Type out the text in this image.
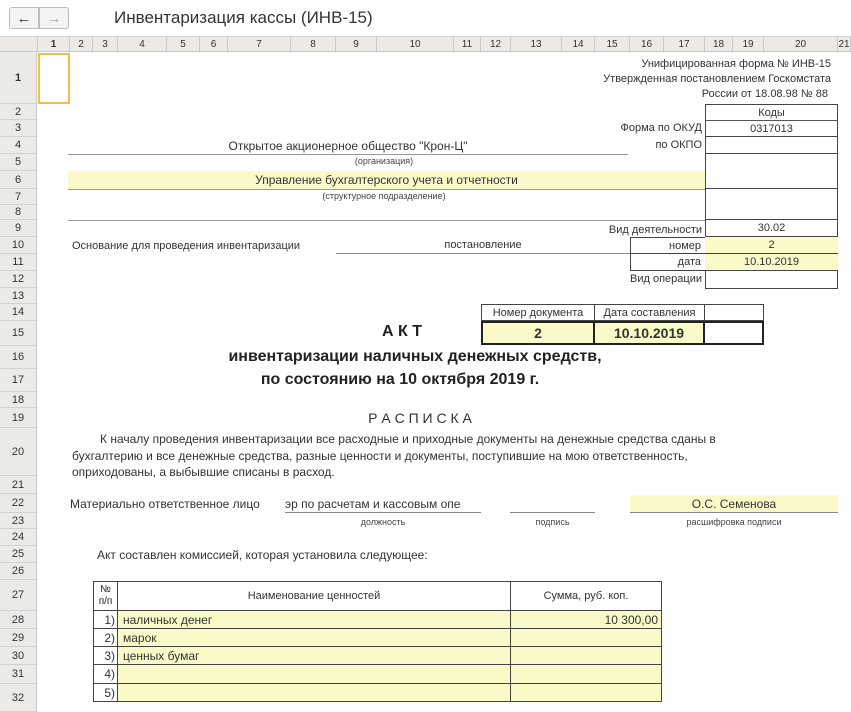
←	→	Инвентаризация кассы (ИНВ-15)
1	2	3	4	5	6	7	8	9	10	11	12	13	14	15	16	17	18	19	20	21
1
2
3
4
5
6
7
8
9
10
11
12
13
14
15
16
17
18
19
20
21
22
23
24
25
26
27
28
29
30
31
32
Унифицированная форма № ИНВ-15
Утвержденная постановлением Госкомстата
России от 18.08.98 № 88
Коды
Форма по ОКУД	0317013
по ОКПО
Вид деятельности	30.02
номер	2
дата	10.10.2019
Вид операции
Открытое акционерное общество "Крон-Ц"
(организация)
Управление бухгалтерского учета и отчетности
(структурное подразделение)
Основание для проведения инвентаризации	постановление
Номер документа	Дата составления
2	10.10.2019
А К Т
инвентаризации наличных денежных средств,
по состоянию на 10 октября 2019 г.
Р А С П И С К А
К началу проведения инвентаризации все расходные и приходные документы на денежные средства сданы в
бухгалтерию и все денежные средства, разные ценности и документы, поступившие на мою ответственность,
оприходованы, а выбывшие списаны в расход.
Материально ответственное лицо эр по расчетам и кассовым опе	О.С. Семенова
должность	подпись	расшифровка подписи
Акт составлен комиссией, которая установила следующее:
№
п/п	Наименование ценностей	Сумма, руб. коп.
1) наличных денег	10 300,00
2) марок
3) ценных бумаг
4)
5)
